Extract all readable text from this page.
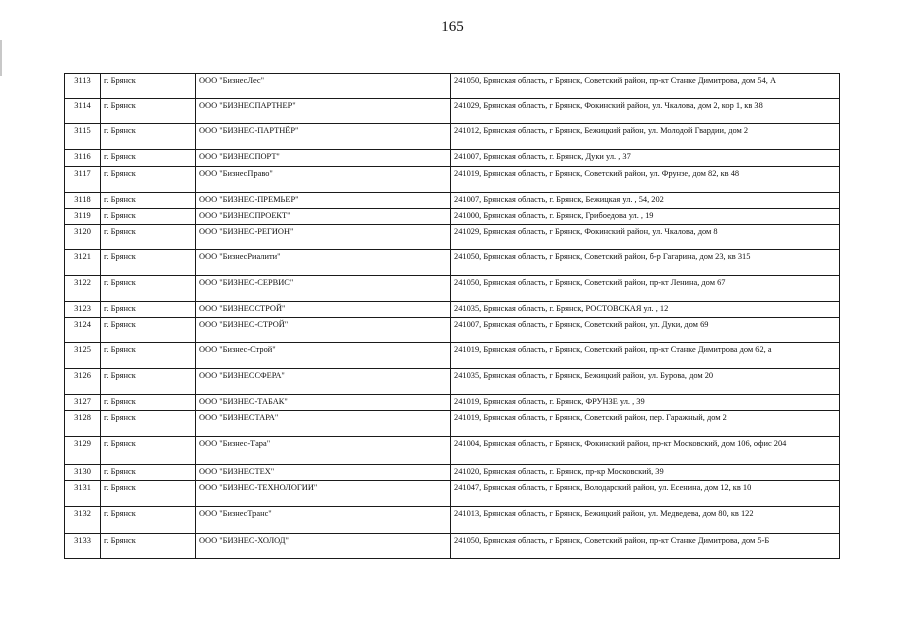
165
3113	г. Брянск	ООО "БизнесЛес"	241050, Брянская область, г Брянск, Советский район, пр-кт Станке Димитрова, дом 54, А
3114	г. Брянск	ООО "БИЗНЕСПАРТНЕР"	241029, Брянская область, г Брянск, Фокинский район, ул. Чкалова, дом 2, кор 1, кв 38
3115	г. Брянск	ООО "БИЗНЕС-ПАРТНЁР"	241012, Брянская область, г Брянск, Бежицкий район, ул. Молодой Гвардии, дом 2
3116	г. Брянск	ООО "БИЗНЕСПОРТ"	241007, Брянская область, г. Брянск, Дуки ул. , 37
3117	г. Брянск	ООО "БизнесПраво"	241019, Брянская область, г Брянск, Советский район, ул. Фрунзе, дом 82, кв 48
3118	г. Брянск	ООО "БИЗНЕС-ПРЕМЬЕР"	241007, Брянская область, г. Брянск, Бежицкая ул. , 54, 202
3119	г. Брянск	ООО "БИЗНЕСПРОЕКТ"	241000, Брянская область, г. Брянск, Грибоедова ул. , 19
3120	г. Брянск	ООО "БИЗНЕС-РЕГИОН"	241029, Брянская область, г Брянск, Фокинский район, ул. Чкалова, дом 8
3121	г. Брянск	ООО "БизнесРиалити"	241050, Брянская область, г Брянск, Советский район, б-р Гагарина, дом 23, кв 315
3122	г. Брянск	ООО "БИЗНЕС-СЕРВИС"	241050, Брянская область, г Брянск, Советский район, пр-кт Ленина, дом 67
3123	г. Брянск	ООО "БИЗНЕССТРОЙ"	241035, Брянская область, г. Брянск, РОСТОВСКАЯ ул. , 12
3124	г. Брянск	ООО "БИЗНЕС-СТРОЙ"	241007, Брянская область, г Брянск, Советский район, ул. Дуки, дом 69
3125	г. Брянск	ООО "Бизнес-Строй"	241019, Брянская область, г Брянск, Советский район, пр-кт Станке Димитрова дом 62, а
3126	г. Брянск	ООО "БИЗНЕССФЕРА"	241035, Брянская область, г Брянск, Бежицкий район, ул. Бурова, дом 20
3127	г. Брянск	ООО "БИЗНЕС-ТАБАК"	241019, Брянская область, г. Брянск, ФРУНЗЕ ул. , 39
3128	г. Брянск	ООО "БИЗНЕСТАРА"	241019, Брянская область, г Брянск, Советский район, пер. Гаражный, дом 2
3129	г. Брянск	ООО "Бизнес-Тара"	241004, Брянская область, г Брянск, Фокинский район, пр-кт Московский, дом 106, офис 204
3130	г. Брянск	ООО "БИЗНЕСТЕХ"	241020, Брянская область, г. Брянск, пр-кр Московский, 39
3131	г. Брянск	ООО "БИЗНЕС-ТЕХНОЛОГИИ"	241047, Брянская область, г Брянск, Володарский район, ул. Есенина, дом 12, кв 10
3132	г. Брянск	ООО "БизнесТранс"	241013, Брянская область, г Брянск, Бежицкий район, ул. Медведева, дом 80, кв 122
3133	г. Брянск	ООО "БИЗНЕС-ХОЛОД"	241050, Брянская область, г Брянск, Советский район, пр-кт Станке Димитрова, дом 5-Б
